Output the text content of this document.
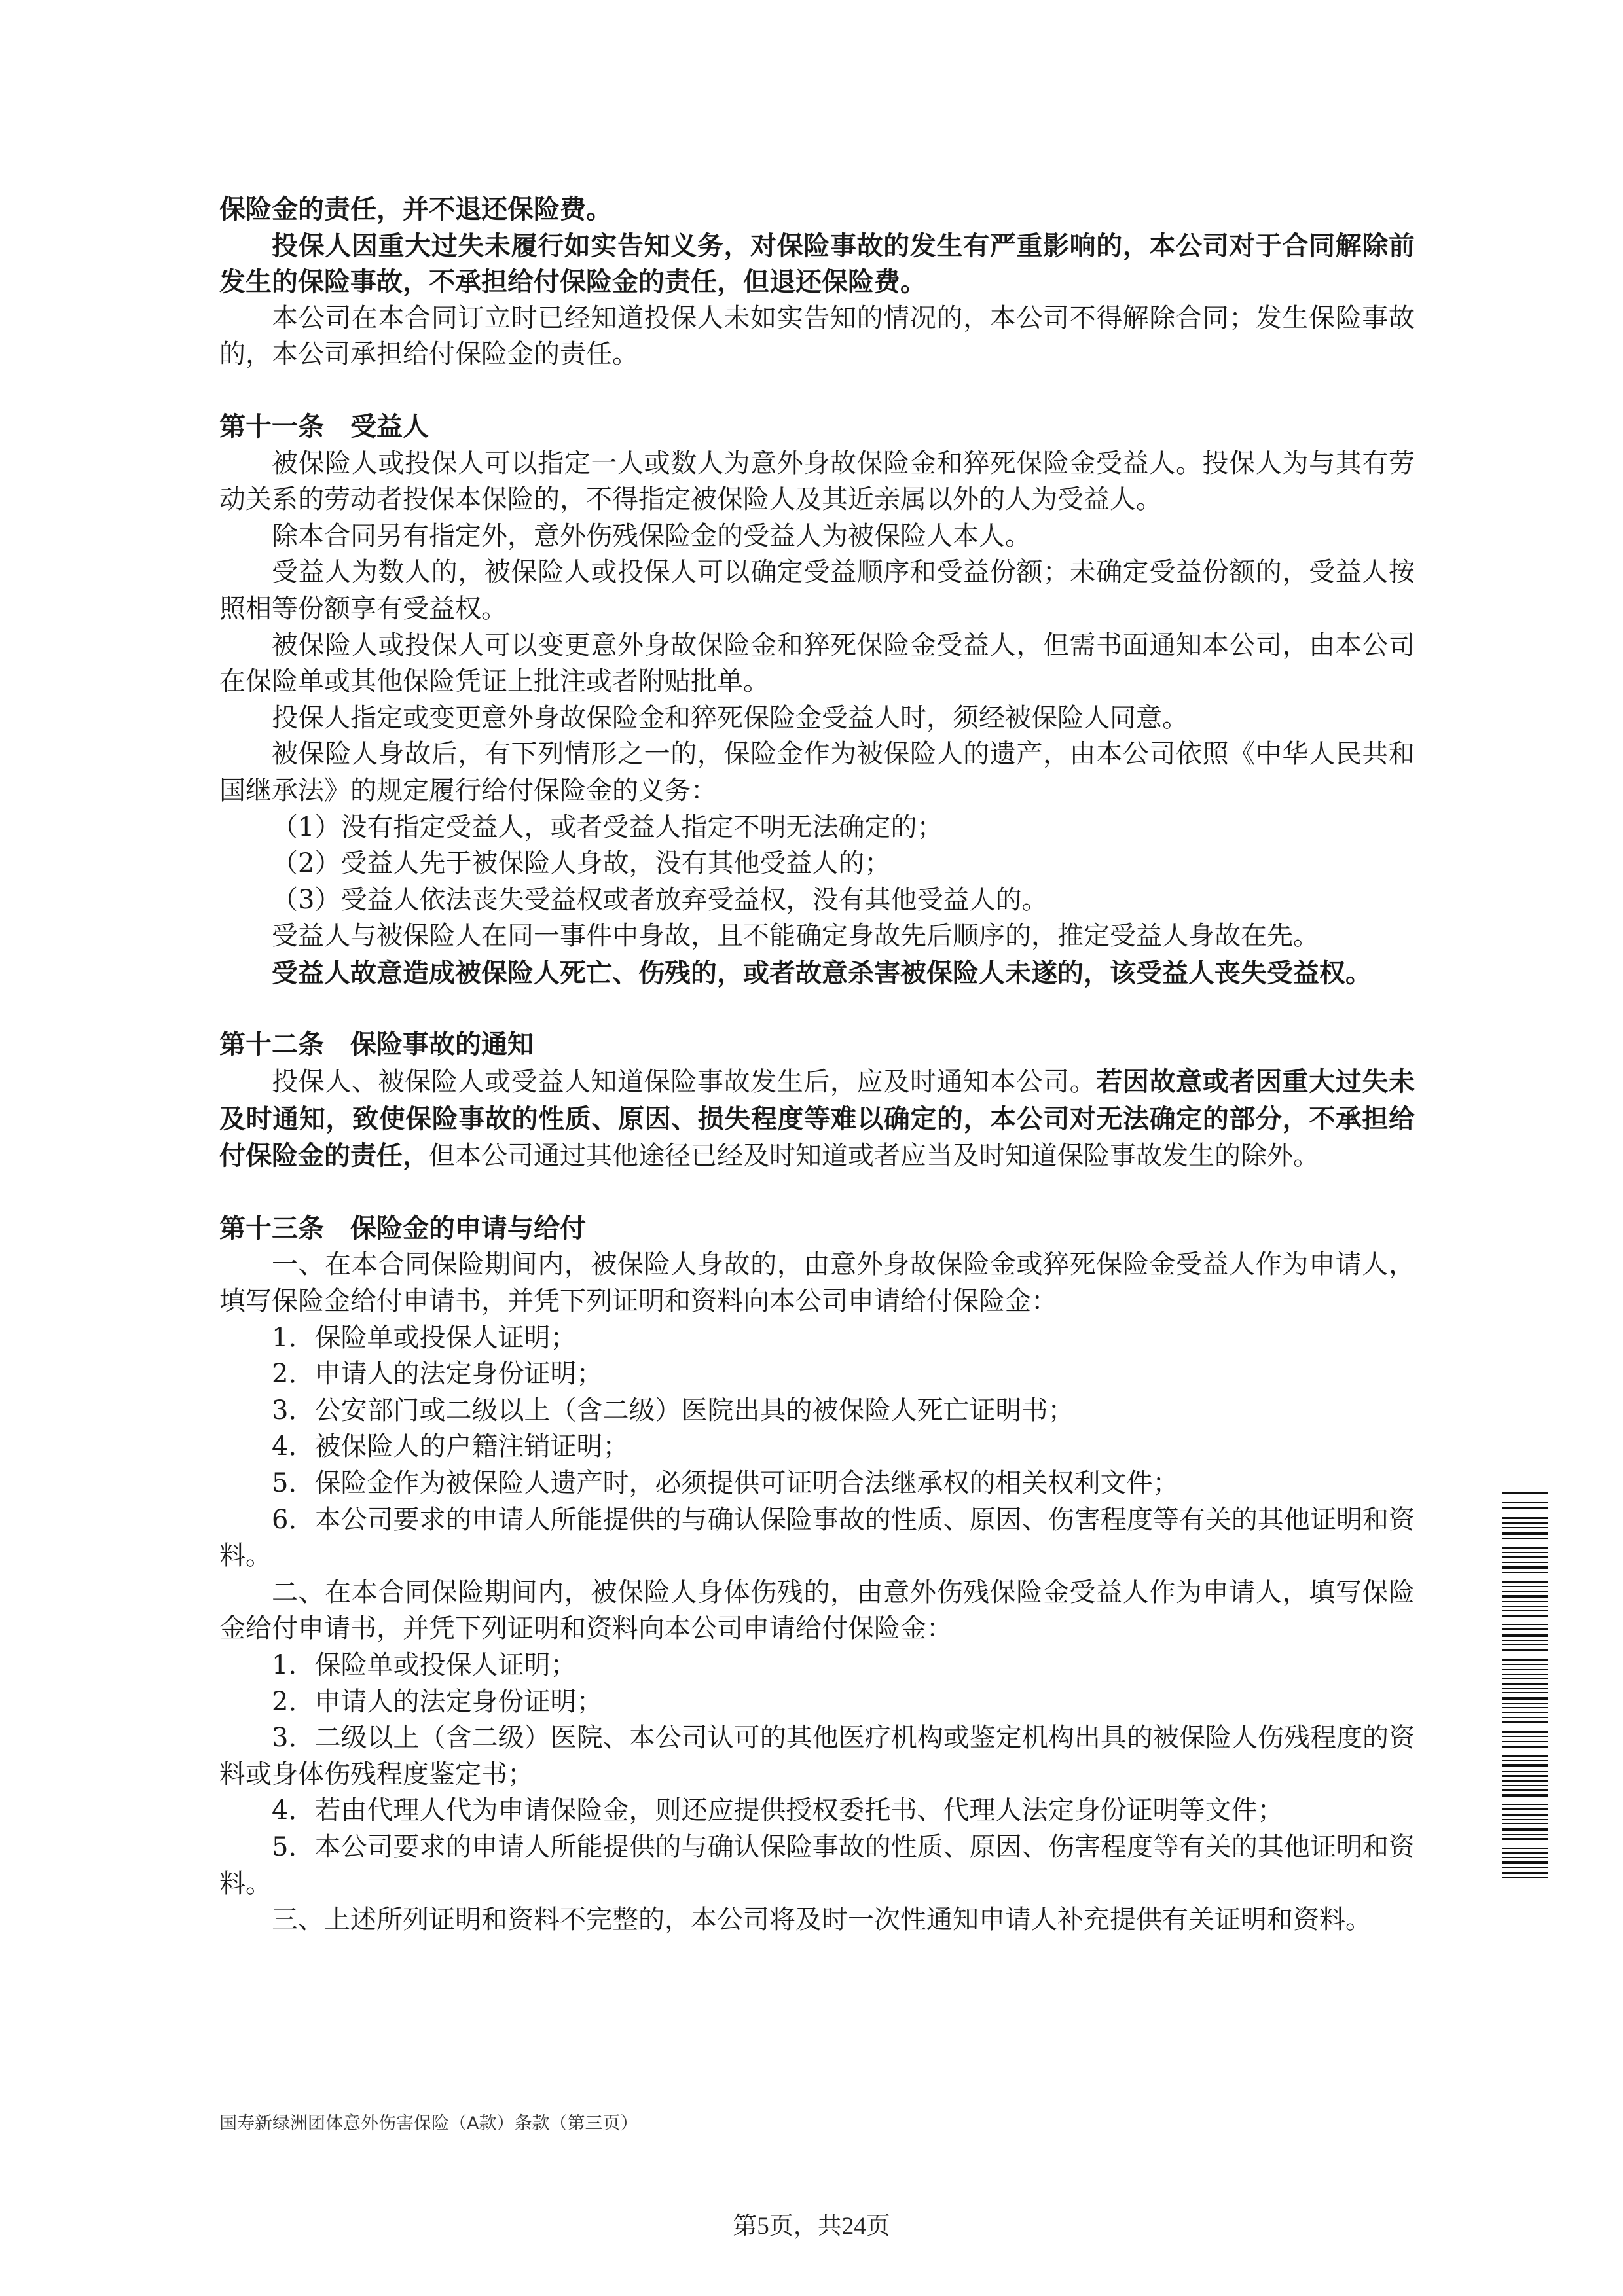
保险金的责任，并不退还保险费。

投保人因重大过失未履行如实告知义务，对保险事故的发生有严重影响的，本公司对于合同解除前发生的保险事故，不承担给付保险金的责任，但退还保险费。

本公司在本合同订立时已经知道投保人未如实告知的情况的，本公司不得解除合同；发生保险事故的，本公司承担给付保险金的责任。

第十一条　受益人

被保险人或投保人可以指定一人或数人为意外身故保险金和猝死保险金受益人。投保人为与其有劳动关系的劳动者投保本保险的，不得指定被保险人及其近亲属以外的人为受益人。

除本合同另有指定外，意外伤残保险金的受益人为被保险人本人。

受益人为数人的，被保险人或投保人可以确定受益顺序和受益份额；未确定受益份额的，受益人按照相等份额享有受益权。

被保险人或投保人可以变更意外身故保险金和猝死保险金受益人，但需书面通知本公司，由本公司在保险单或其他保险凭证上批注或者附贴批单。

投保人指定或变更意外身故保险金和猝死保险金受益人时，须经被保险人同意。

被保险人身故后，有下列情形之一的，保险金作为被保险人的遗产，由本公司依照《中华人民共和国继承法》的规定履行给付保险金的义务：

（1）没有指定受益人，或者受益人指定不明无法确定的；

（2）受益人先于被保险人身故，没有其他受益人的；

（3）受益人依法丧失受益权或者放弃受益权，没有其他受益人的。

受益人与被保险人在同一事件中身故，且不能确定身故先后顺序的，推定受益人身故在先。

受益人故意造成被保险人死亡、伤残的，或者故意杀害被保险人未遂的，该受益人丧失受益权。

第十二条　保险事故的通知

投保人、被保险人或受益人知道保险事故发生后，应及时通知本公司。若因故意或者因重大过失未及时通知，致使保险事故的性质、原因、损失程度等难以确定的，本公司对无法确定的部分，不承担给付保险金的责任，但本公司通过其他途径已经及时知道或者应当及时知道保险事故发生的除外。

第十三条　保险金的申请与给付

一、在本合同保险期间内，被保险人身故的，由意外身故保险金或猝死保险金受益人作为申请人，填写保险金给付申请书，并凭下列证明和资料向本公司申请给付保险金：

1．保险单或投保人证明；

2．申请人的法定身份证明；

3．公安部门或二级以上（含二级）医院出具的被保险人死亡证明书；

4．被保险人的户籍注销证明；

5．保险金作为被保险人遗产时，必须提供可证明合法继承权的相关权利文件；

6．本公司要求的申请人所能提供的与确认保险事故的性质、原因、伤害程度等有关的其他证明和资料。

二、在本合同保险期间内，被保险人身体伤残的，由意外伤残保险金受益人作为申请人，填写保险金给付申请书，并凭下列证明和资料向本公司申请给付保险金：

1．保险单或投保人证明；

2．申请人的法定身份证明；

3．二级以上（含二级）医院、本公司认可的其他医疗机构或鉴定机构出具的被保险人伤残程度的资料或身体伤残程度鉴定书；

4．若由代理人代为申请保险金，则还应提供授权委托书、代理人法定身份证明等文件；

5．本公司要求的申请人所能提供的与确认保险事故的性质、原因、伤害程度等有关的其他证明和资料。

三、上述所列证明和资料不完整的，本公司将及时一次性通知申请人补充提供有关证明和资料。

国寿新绿洲团体意外伤害保险（A款）条款（第三页）
第5页，共24页
